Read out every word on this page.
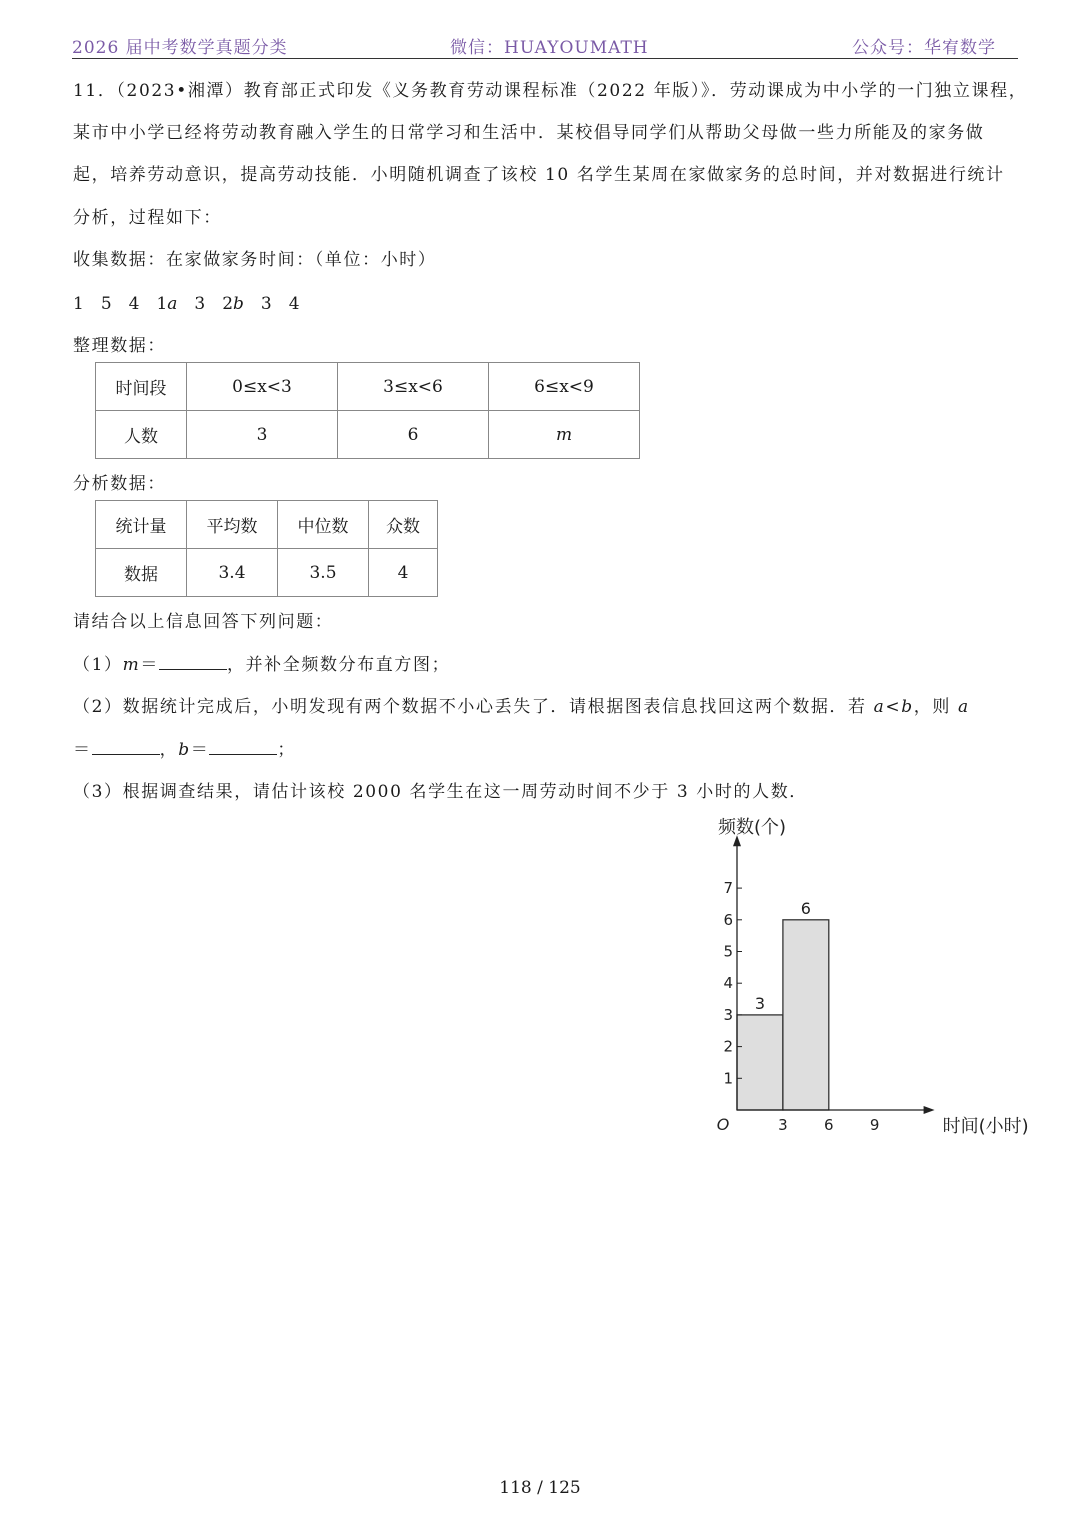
2026 届中考数学真题分类	微信：HUAYOUMATH	公众号：华宥数学
11．（2023•湘潭）教育部正式印发《义务教育劳动课程标准（2022 年版）》．劳动课成为中小学的一门独立课程，
某市中小学已经将劳动教育融入学生的日常学习和生活中．某校倡导同学们从帮助父母做一些力所能及的家务做
起，培养劳动意识，提高劳动技能．小明随机调查了该校 10 名学生某周在家做家务的总时间，并对数据进行统计
分析，过程如下：
收集数据：在家做家务时间：（单位：小时）
1　5　4　1a　3　2b　3　4
整理数据：
时间段	0≤x<3	3≤x<6	6≤x<9
人数	3	6	m
分析数据：
统计量	平均数	中位数	众数
数据	3.4	3.5	4
请结合以上信息回答下列问题：
（1）m＝	，并补全频数分布直方图；
（2）数据统计完成后，小明发现有两个数据不小心丢失了．请根据图表信息找回这两个数据．若 a<b，则 a
＝	，b＝	；
（3）根据调查结果，请估计该校 2000 名学生在这一周劳动时间不少于 3 小时的人数．
3
6
1
2
3
4
5
6
7
3 6 9
O
频数(个)
时间(小时)
118 / 125
